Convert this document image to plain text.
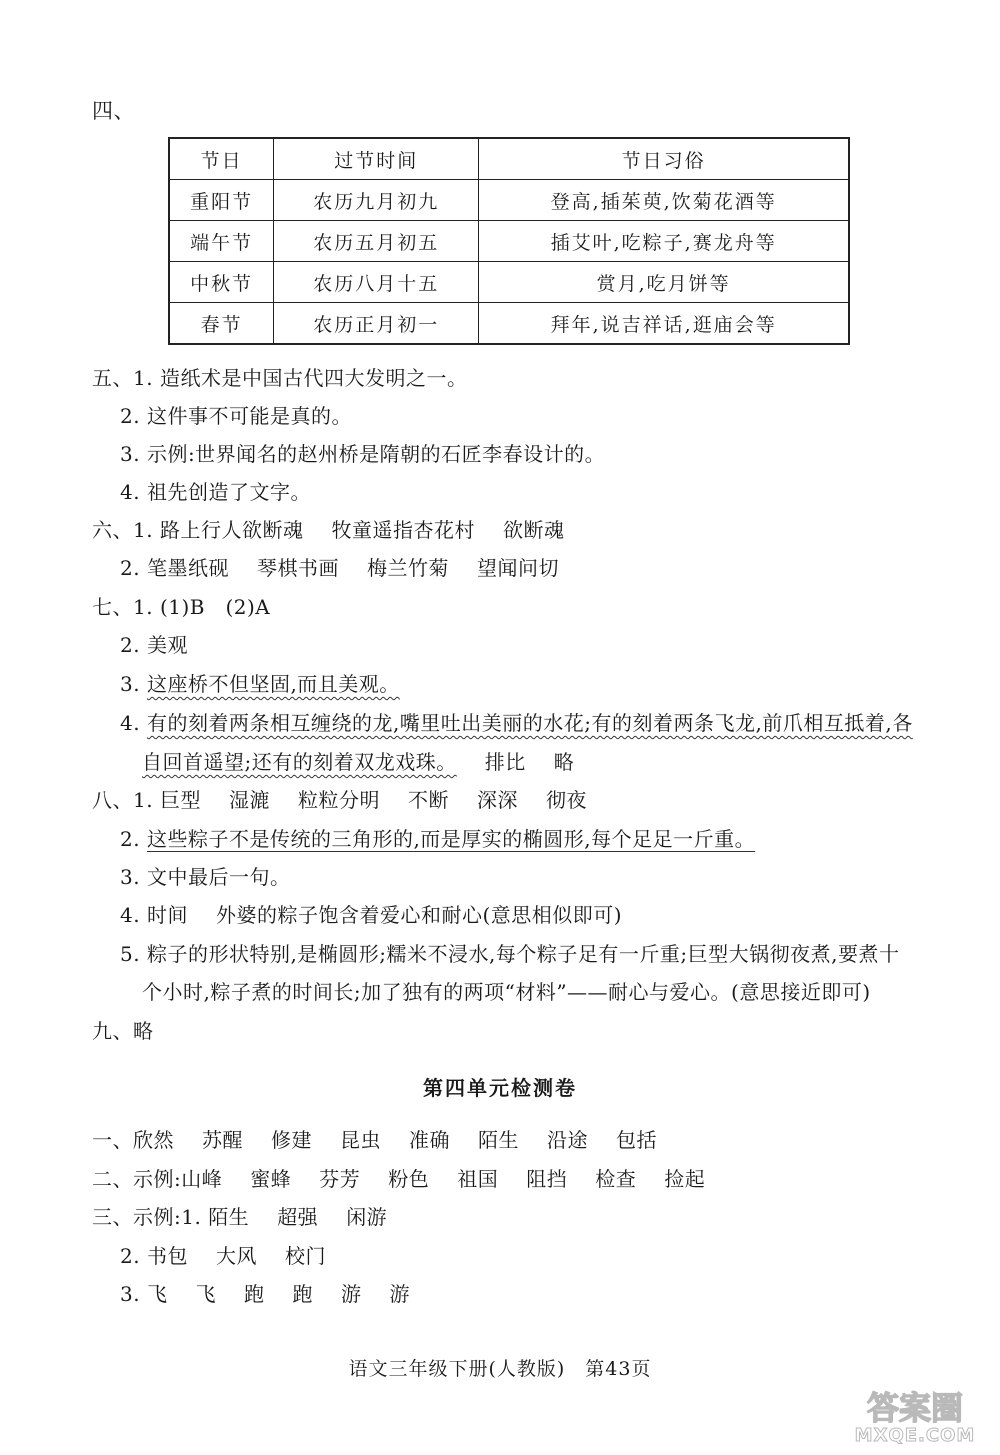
四、
节日	过节时间	节日习俗
重阳节	农历九月初九	登高,插茱萸,饮菊花酒等
端午节	农历五月初五	插艾叶,吃粽子,赛龙舟等
中秋节	农历八月十五	赏月,吃月饼等
春节	农历正月初一	拜年,说吉祥话,逛庙会等
五、1. 造纸术是中国古代四大发明之一。
2. 这件事不可能是真的。
3. 示例:世界闻名的赵州桥是隋朝的石匠李春设计的。
4. 祖先创造了文字。
六、1. 路上行人欲断魂 牧童遥指杏花村 欲断魂
2. 笔墨纸砚 琴棋书画 梅兰竹菊 望闻问切
七、1. (1)B　(2)A
2. 美观
3. 这座桥不但坚固,而且美观。
4. 有的刻着两条相互缠绕的龙,嘴里吐出美丽的水花;有的刻着两条飞龙,前爪相互抵着,各
自回首遥望;还有的刻着双龙戏珠。 排比 略
八、1. 巨型 湿漉 粒粒分明 不断 深深 彻夜
2. 这些粽子不是传统的三角形的,而是厚实的椭圆形,每个足足一斤重。
3. 文中最后一句。
4. 时间 外婆的粽子饱含着爱心和耐心(意思相似即可)
5. 粽子的形状特别,是椭圆形;糯米不浸水,每个粽子足有一斤重;巨型大锅彻夜煮,要煮十
个小时,粽子煮的时间长;加了独有的两项“材料”——耐心与爱心。(意思接近即可)
九、略
第四单元检测卷
一、欣然 苏醒 修建 昆虫 准确 陌生 沿途 包括
二、示例:山峰 蜜蜂 芬芳 粉色 祖国 阻挡 检查 捡起
三、示例:1. 陌生 超强 闲游
2. 书包 大风 校门
3. 飞 飞 跑 跑 游 游
语文三年级下册(人教版)　第43页
答案圈
MXQE.COM
